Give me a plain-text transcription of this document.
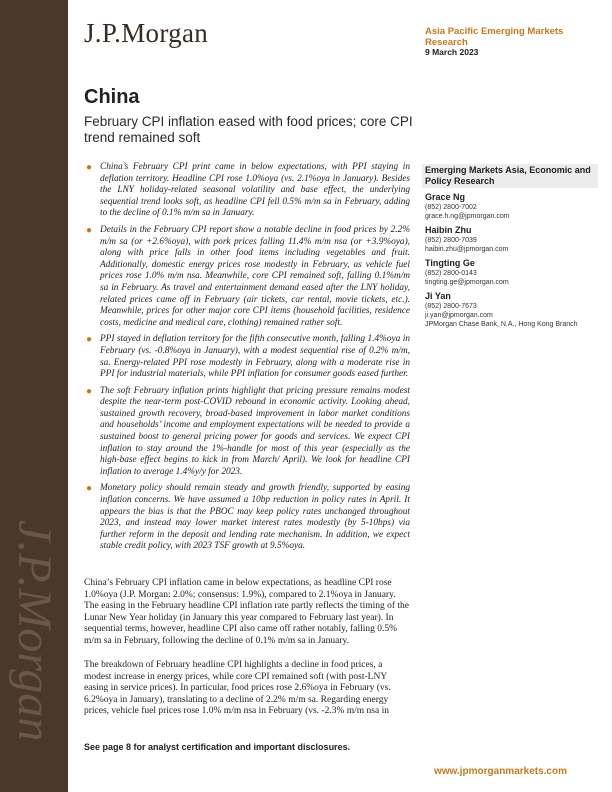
J.P.Morgan
J.P.Morgan	Asia Pacific Emerging Markets Research
9 March 2023
China
February CPI inflation eased with food prices; core CPI trend remained soft
● China’s February CPI print came in below expectations, with PPI staying in deflation territory. Headline CPI rose 1.0%oya (vs. 2.1%oya in January). Besides the LNY holiday-related seasonal volatility and base effect, the underlying sequential trend looks soft, as headline CPI fell 0.5% m/m sa in February, adding to the decline of 0.1% m/m sa in January.
● Details in the February CPI report show a notable decline in food prices by 2.2% m/m sa (or +2.6%oya), with pork prices falling 11.4% m/m nsa (or +3.9%oya), along with price falls in other food items including vegetables and fruit. Additionally, domestic energy prices rose modestly in February, as vehicle fuel prices rose 1.0% m/m nsa. Meanwhile, core CPI remained soft, falling 0.1%m/m sa in February. As travel and entertainment demand eased after the LNY holiday, related prices came off in February (air tickets, car rental, movie tickets, etc.). Meanwhile, prices for other major core CPI items (household facilities, residence costs, medicine and medical care, clothing) remained rather soft.
● PPI stayed in deflation territory for the fifth consecutive month, falling 1.4%oya in February (vs. -0.8%oya in January), with a modest sequential rise of 0.2% m/m, sa. Energy-related PPI rose modestly in February, along with a moderate rise in PPI for industrial materials, while PPI inflation for consumer goods eased further.
● The soft February inflation prints highlight that pricing pressure remains modest despite the near-term post-COVID rebound in economic activity. Looking ahead, sustained growth recovery, broad-based improvement in labor market conditions and households’ income and employment expectations will be needed to provide a sustained boost to general pricing power for goods and services. We expect CPI inflation to stay around the 1%-handle for most of this year (especially as the high-base effect begins to kick in from March/ April). We look for headline CPI inflation to average 1.4%y/y for 2023.
● Monetary policy should remain steady and growth friendly, supported by easing inflation concerns. We have assumed a 10bp reduction in policy rates in April. It appears the bias is that the PBOC may keep policy rates unchanged throughout 2023, and instead may lower market interest rates modestly (by 5-10bps) via further reform in the deposit and lending rate mechanism. In addition, we expect stable credit policy, with 2023 TSF growth at 9.5%oya.

China’s February CPI inflation came in below expectations, as headline CPI rose 1.0%oya (J.P. Morgan: 2.0%; consensus: 1.9%), compared to 2.1%oya in January. The easing in the February headline CPI inflation rate partly reflects the timing of the Lunar New Year holiday (in January this year compared to February last year). In sequential terms, however, headline CPI also came off rather notably, falling 0.5% m/m sa in February, following the decline of 0.1% m/m sa in January.

The breakdown of February headline CPI highlights a decline in food prices, a modest increase in energy prices, while core CPI remained soft (with post-LNY easing in service prices). In particular, food prices rose 2.6%oya in February (vs. 6.2%oya in January), translating to a decline of 2.2% m/m sa. Regarding energy prices, vehicle fuel prices rose 1.0% m/m nsa in February (vs. -2.3% m/m nsa in

See page 8 for analyst certification and important disclosures.
www.jpmorganmarkets.com
Emerging Markets Asia, Economic and Policy Research
Grace Ng
(852) 2800-7002
grace.h.ng@jpmorgan.com
Haibin Zhu
(852) 2800-7039
haibin.zhu@jpmorgan.com
Tingting Ge
(852) 2800-0143
tingting.ge@jpmorgan.com
Ji Yan
(852) 2800-7673
ji.yan@jpmorgan.com
JPMorgan Chase Bank, N.A., Hong Kong Branch
